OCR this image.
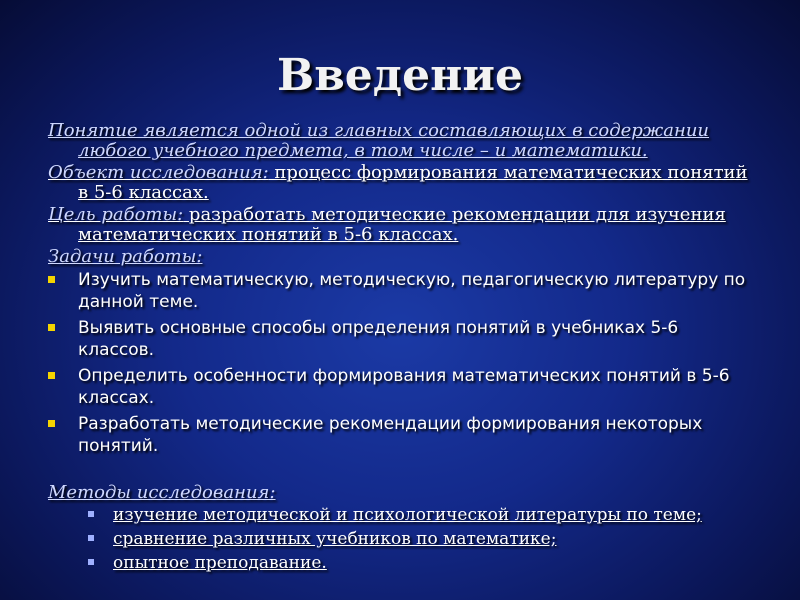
Введение

Понятие является одной из главных составляющих в содержании любого учебного предмета, в том числе – и математики.

Объект исследования: процесс формирования математических понятий в 5-6 классах.

Цель работы: разработать методические рекомендации для изучения математических понятий в 5-6 классах.

Задачи работы:

Изучить математическую, методическую, педагогическую литературу по данной теме.
Выявить основные способы определения понятий в учебниках 5-6 классов.
Определить особенности формирования математических понятий в 5-6 классах.
Разработать методические рекомендации формирования некоторых понятий.

Методы исследования:

изучение методической и психологической литературы по теме;
сравнение различных учебников по математике;
опытное преподавание.
